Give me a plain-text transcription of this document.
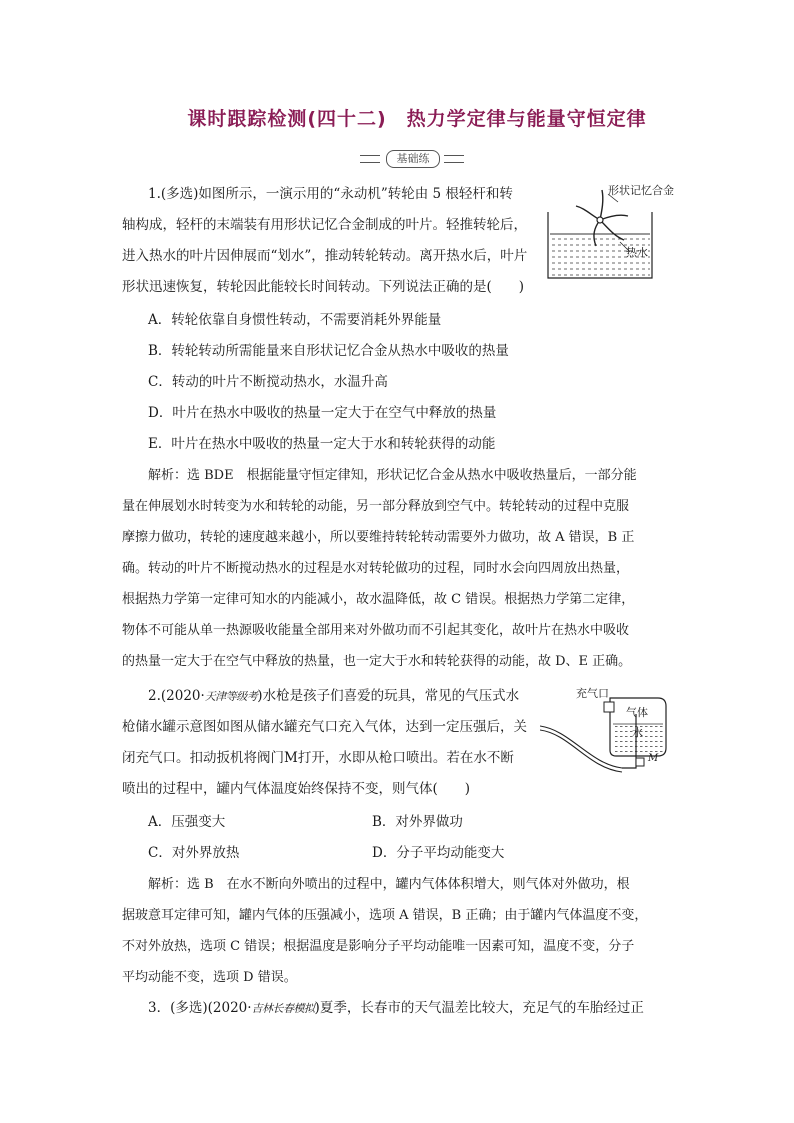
课时跟踪检测(四十二)　热力学定律与能量守恒定律
基础练
1.(多选)如图所示，一演示用的“永动机”转轮由 5 根轻杆和转
轴构成，轻杆的末端装有用形状记忆合金制成的叶片。轻推转轮后，
进入热水的叶片因伸展而“划水”，推动转轮转动。离开热水后，叶片
形状迅速恢复，转轮因此能较长时间转动。下列说法正确的是(　　)
A．转轮依靠自身惯性转动，不需要消耗外界能量
B．转轮转动所需能量来自形状记忆合金从热水中吸收的热量
C．转动的叶片不断搅动热水，水温升高
D．叶片在热水中吸收的热量一定大于在空气中释放的热量
E．叶片在热水中吸收的热量一定大于水和转轮获得的动能
解析：选 BDE　根据能量守恒定律知，形状记忆合金从热水中吸收热量后，一部分能
量在伸展划水时转变为水和转轮的动能，另一部分释放到空气中。转轮转动的过程中克服
摩擦力做功，转轮的速度越来越小，所以要维持转轮转动需要外力做功，故 A 错误，B 正
确。转动的叶片不断搅动热水的过程是水对转轮做功的过程，同时水会向四周放出热量，
根据热力学第一定律可知水的内能减小，故水温降低，故 C 错误。根据热力学第二定律，
物体不可能从单一热源吸收能量全部用来对外做功而不引起其变化，故叶片在热水中吸收
的热量一定大于在空气中释放的热量，也一定大于水和转轮获得的动能，故 D、E 正确。
形状记忆合金
热水
2.(2020·天津等级考)水枪是孩子们喜爱的玩具，常见的气压式水
枪储水罐示意图如图从储水罐充气口充入气体，达到一定压强后，关
闭充气口。扣动扳机将阀门M打开，水即从枪口喷出。若在水不断
喷出的过程中，罐内气体温度始终保持不变，则气体(　　)
A．压强变大	B．对外界做功
C．对外界放热	D．分子平均动能变大
解析：选 B　在水不断向外喷出的过程中，罐内气体体积增大，则气体对外做功，根
据玻意耳定律可知，罐内气体的压强减小，选项 A 错误，B 正确；由于罐内气体温度不变，
不对外放热，选项 C 错误；根据温度是影响分子平均动能唯一因素可知，温度不变，分子
平均动能不变，选项 D 错误。
充气口
气体
水
M
3．(多选)(2020·吉林长春模拟)夏季，长春市的天气温差比较大，充足气的车胎经过正
